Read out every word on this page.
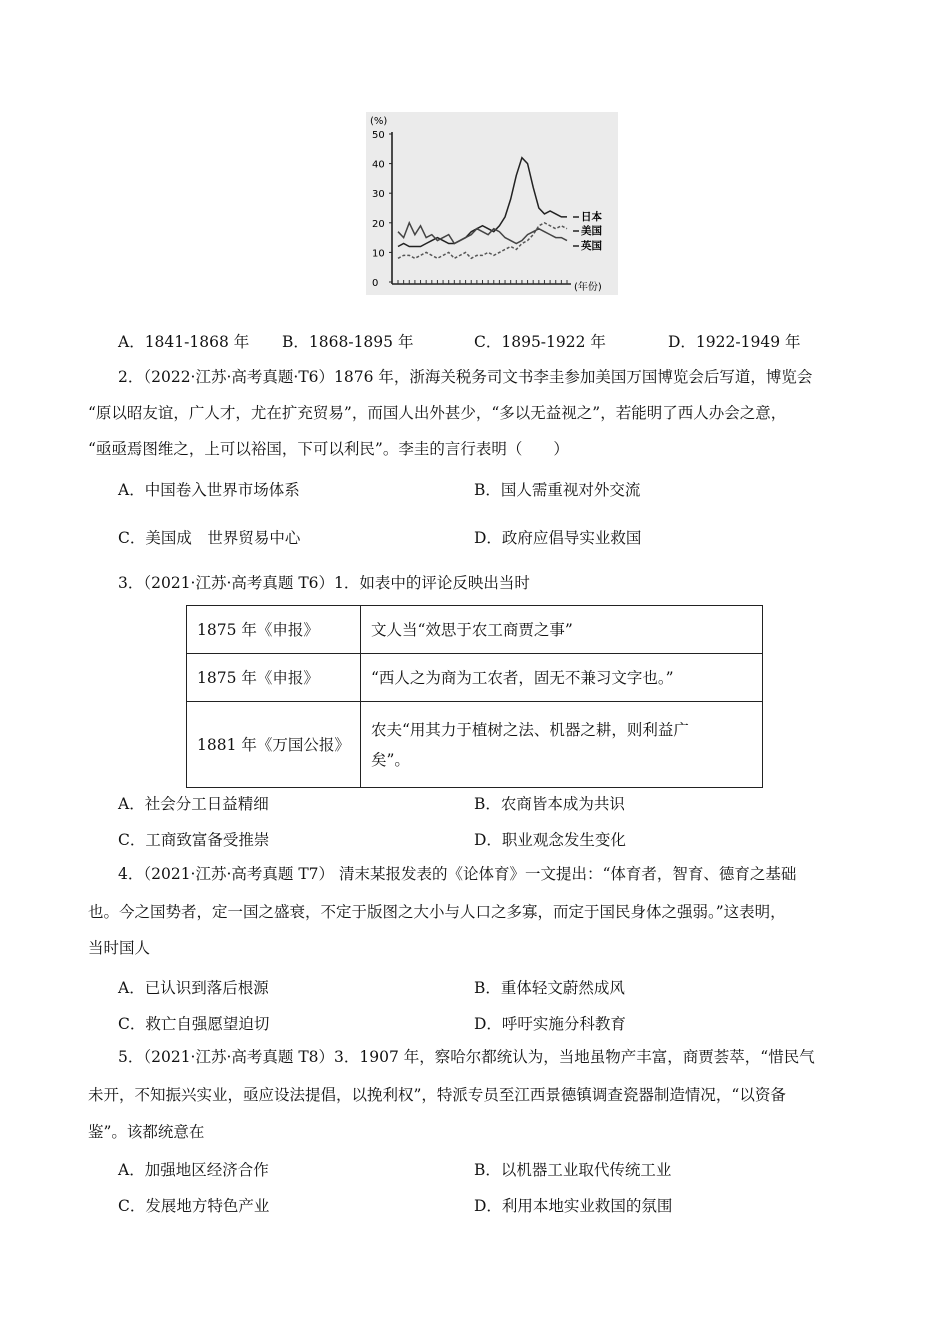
(%)
(年份)
0
10
20
30
40
50
日本
美国
英国
A．1841-1868 年 B．1868-1895 年	C．1895-1922 年	D．1922-1949 年
2．（2022·江苏·高考真题·T6）1876 年，浙海关税务司文书李圭参加美国万国博览会后写道，博览会
“原以昭友谊，广人才，尤在扩充贸易”，而国人出外甚少，“多以无益视之”，若能明了西人办会之意，
“亟亟焉图维之，上可以裕国，下可以利民”。李圭的言行表明（　　）
A．中国卷入世界市场体系	B．国人需重视对外交流
C．美国成　世界贸易中心	D．政府应倡导实业救国
3．（2021·江苏·高考真题 T6）1．如表中的评论反映出当时
1875 年《申报》	文人当“效思于农工商贾之事”
1875 年《申报》	“西人之为商为工农者，固无不兼习文字也。”
1881 年《万国公报》	农夫“用其力于植树之法、机器之耕，则利益广
矣”。
A．社会分工日益精细	B．农商皆本成为共识
C．工商致富备受推崇	D．职业观念发生变化
4．（2021·江苏·高考真题 T7） 清末某报发表的《论体育》一文提出：“体育者，智育、德育之基础
也。今之国势者，定一国之盛衰，不定于版图之大小与人口之多寡，而定于国民身体之强弱。”这表明，
当时国人
A．已认识到落后根源	B．重体轻文蔚然成风
C．救亡自强愿望迫切	D．呼吁实施分科教育
5．（2021·江苏·高考真题 T8）3．1907 年，察哈尔都统认为，当地虽物产丰富，商贾荟萃，“惜民气
未开，不知振兴实业，亟应设法提倡，以挽利权”，特派专员至江西景德镇调查瓷器制造情况，“以资备
鉴”。该都统意在
A．加强地区经济合作	B．以机器工业取代传统工业
C．发展地方特色产业	D．利用本地实业救国的氛围
